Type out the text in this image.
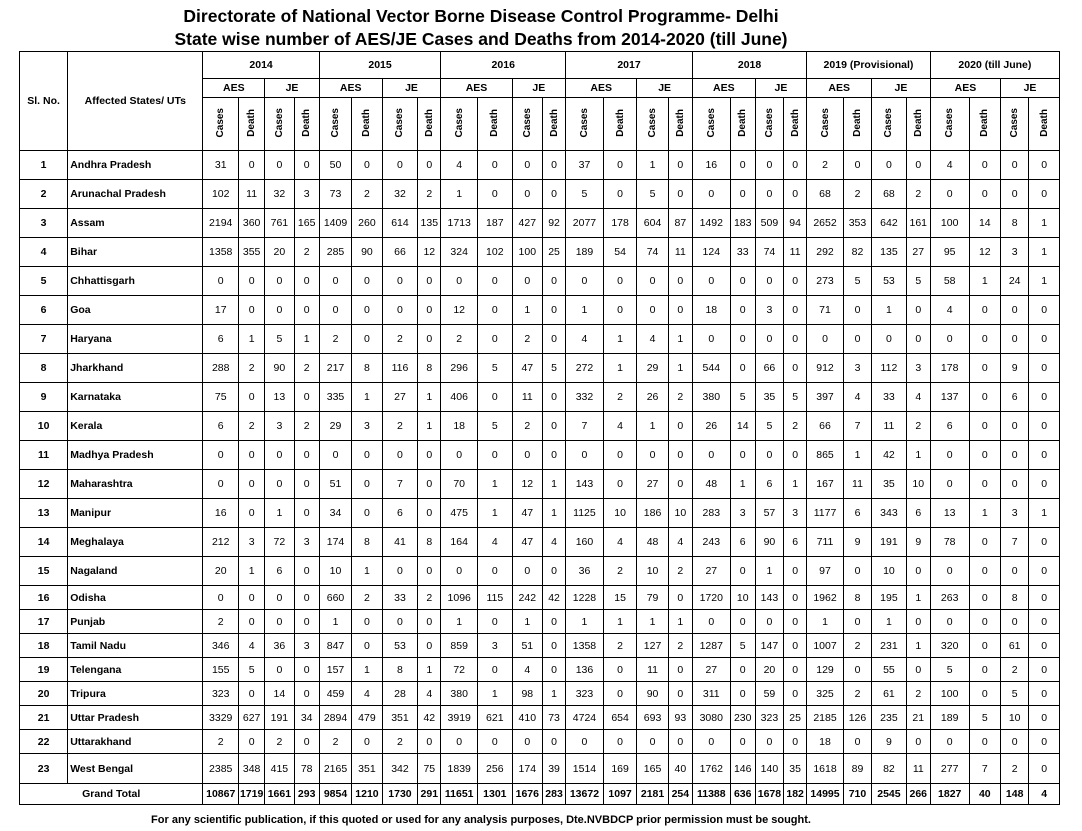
Directorate of National Vector Borne Disease Control Programme- Delhi
State wise number of AES/JE Cases and Deaths from 2014-2020 (till June)
Sl. No.	Affected States/ UTs	2014				2015				2016				2017				2018				2019 (Provisional)				2020 (till June)			
		AES		JE		AES		JE		AES		JE		AES		JE		AES		JE		AES		JE		AES		JE	
		Cases	Death	Cases	Death	Cases	Death	Cases	Death	Cases	Death	Cases	Death	Cases	Death	Cases	Death	Cases	Death	Cases	Death	Cases	Death	Cases	Death	Cases	Death	Cases	Death
1	Andhra Pradesh	31	0	0	0	50	0	0	0	4	0	0	0	37	0	1	0	16	0	0	0	2	0	0	0	4	0	0	0
2	Arunachal Pradesh	102	11	32	3	73	2	32	2	1	0	0	0	5	0	5	0	0	0	0	0	68	2	68	2	0	0	0	0
3	Assam	2194	360	761	165	1409	260	614	135	1713	187	427	92	2077	178	604	87	1492	183	509	94	2652	353	642	161	100	14	8	1
4	Bihar	1358	355	20	2	285	90	66	12	324	102	100	25	189	54	74	11	124	33	74	11	292	82	135	27	95	12	3	1
5	Chhattisgarh	0	0	0	0	0	0	0	0	0	0	0	0	0	0	0	0	0	0	0	0	273	5	53	5	58	1	24	1
6	Goa	17	0	0	0	0	0	0	0	12	0	1	0	1	0	0	0	18	0	3	0	71	0	1	0	4	0	0	0
7	Haryana	6	1	5	1	2	0	2	0	2	0	2	0	4	1	4	1	0	0	0	0	0	0	0	0	0	0	0	0
8	Jharkhand	288	2	90	2	217	8	116	8	296	5	47	5	272	1	29	1	544	0	66	0	912	3	112	3	178	0	9	0
9	Karnataka	75	0	13	0	335	1	27	1	406	0	11	0	332	2	26	2	380	5	35	5	397	4	33	4	137	0	6	0
10	Kerala	6	2	3	2	29	3	2	1	18	5	2	0	7	4	1	0	26	14	5	2	66	7	11	2	6	0	0	0
11	Madhya Pradesh	0	0	0	0	0	0	0	0	0	0	0	0	0	0	0	0	0	0	0	0	865	1	42	1	0	0	0	0
12	Maharashtra	0	0	0	0	51	0	7	0	70	1	12	1	143	0	27	0	48	1	6	1	167	11	35	10	0	0	0	0
13	Manipur	16	0	1	0	34	0	6	0	475	1	47	1	1125	10	186	10	283	3	57	3	1177	6	343	6	13	1	3	1
14	Meghalaya	212	3	72	3	174	8	41	8	164	4	47	4	160	4	48	4	243	6	90	6	711	9	191	9	78	0	7	0
15	Nagaland	20	1	6	0	10	1	0	0	0	0	0	0	36	2	10	2	27	0	1	0	97	0	10	0	0	0	0	0
16	Odisha	0	0	0	0	660	2	33	2	1096	115	242	42	1228	15	79	0	1720	10	143	0	1962	8	195	1	263	0	8	0
17	Punjab	2	0	0	0	1	0	0	0	1	0	1	0	1	1	1	1	0	0	0	0	1	0	1	0	0	0	0	0
18	Tamil Nadu	346	4	36	3	847	0	53	0	859	3	51	0	1358	2	127	2	1287	5	147	0	1007	2	231	1	320	0	61	0
19	Telengana	155	5	0	0	157	1	8	1	72	0	4	0	136	0	11	0	27	0	20	0	129	0	55	0	5	0	2	0
20	Tripura	323	0	14	0	459	4	28	4	380	1	98	1	323	0	90	0	311	0	59	0	325	2	61	2	100	0	5	0
21	Uttar Pradesh	3329	627	191	34	2894	479	351	42	3919	621	410	73	4724	654	693	93	3080	230	323	25	2185	126	235	21	189	5	10	0
22	Uttarakhand	2	0	2	0	2	0	2	0	0	0	0	0	0	0	0	0	0	0	0	0	18	0	9	0	0	0	0	0
23	West Bengal	2385	348	415	78	2165	351	342	75	1839	256	174	39	1514	169	165	40	1762	146	140	35	1618	89	82	11	277	7	2	0
Grand Total		10867	1719	1661	293	9854	1210	1730	291	11651	1301	1676	283	13672	1097	2181	254	11388	636	1678	182	14995	710	2545	266	1827	40	148	4
For any scientific publication, if this quoted or used for any analysis purposes, Dte.NVBDCP prior permission must be sought.
